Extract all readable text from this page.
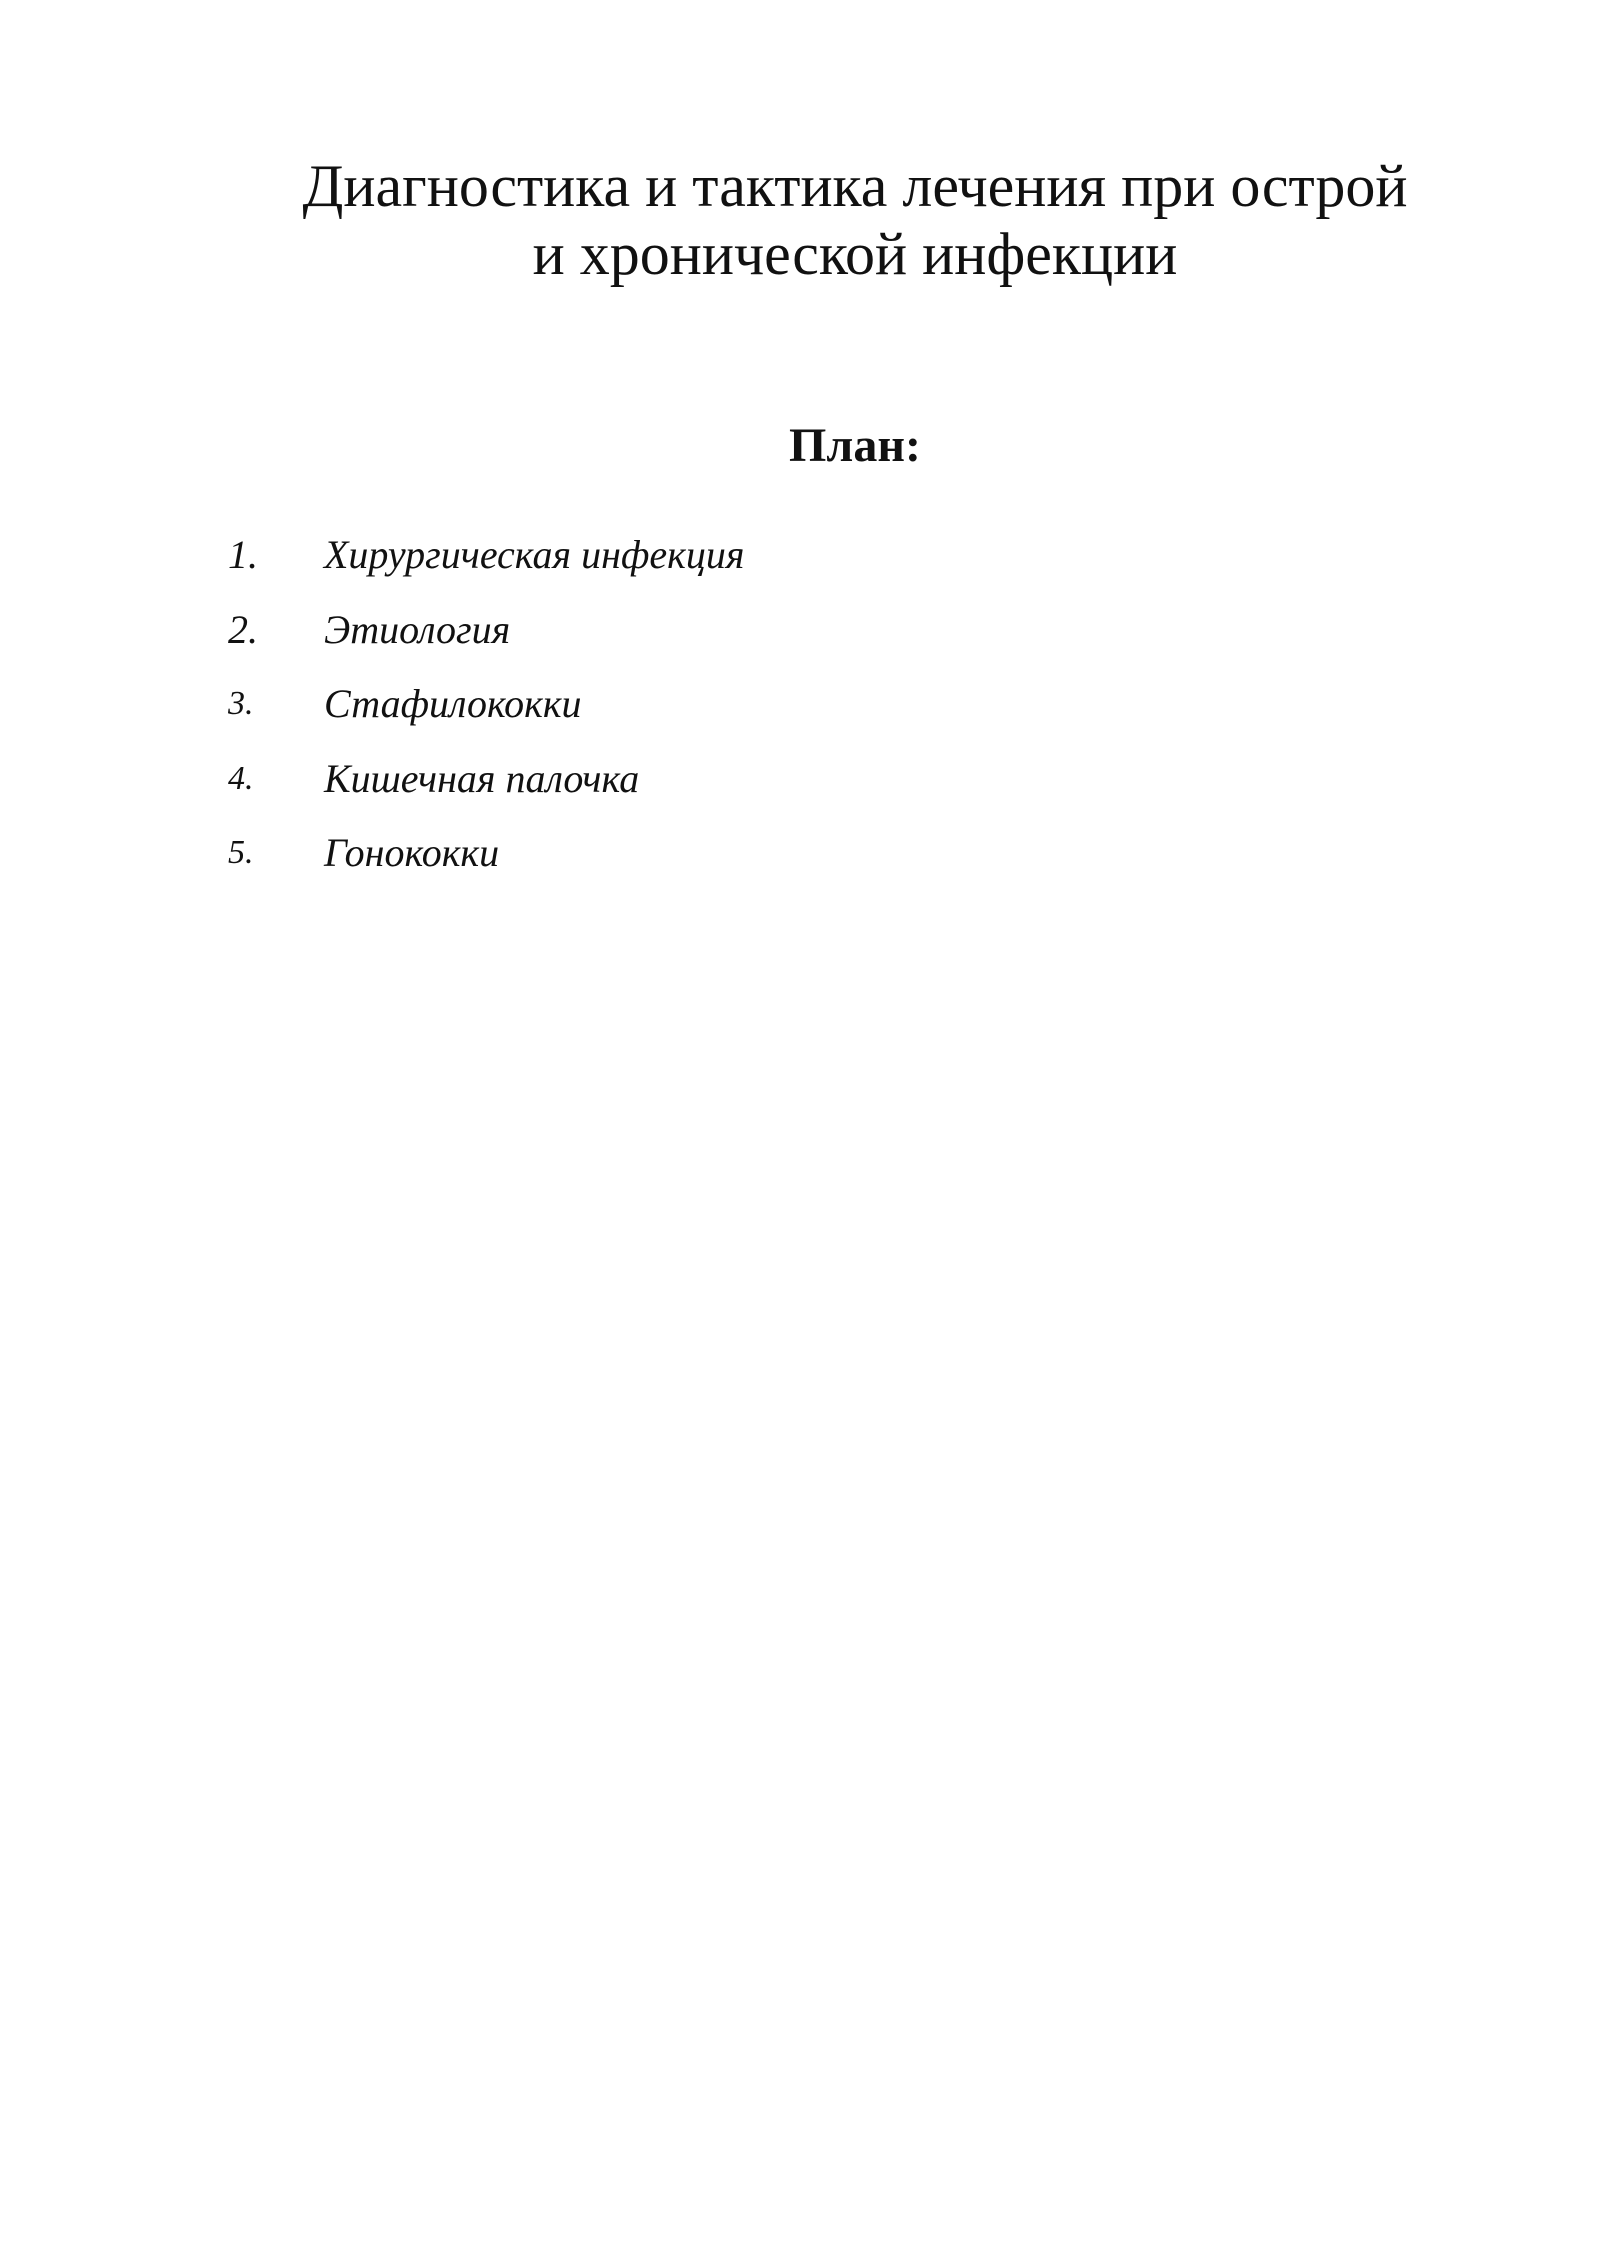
Диагностика и тактика лечения при острой
и хронической инфекции
План:
1.	Хирургическая инфекция
2.	Этиология
3.	Стафилококки
4.	Кишечная палочка
5.	Гонококки
